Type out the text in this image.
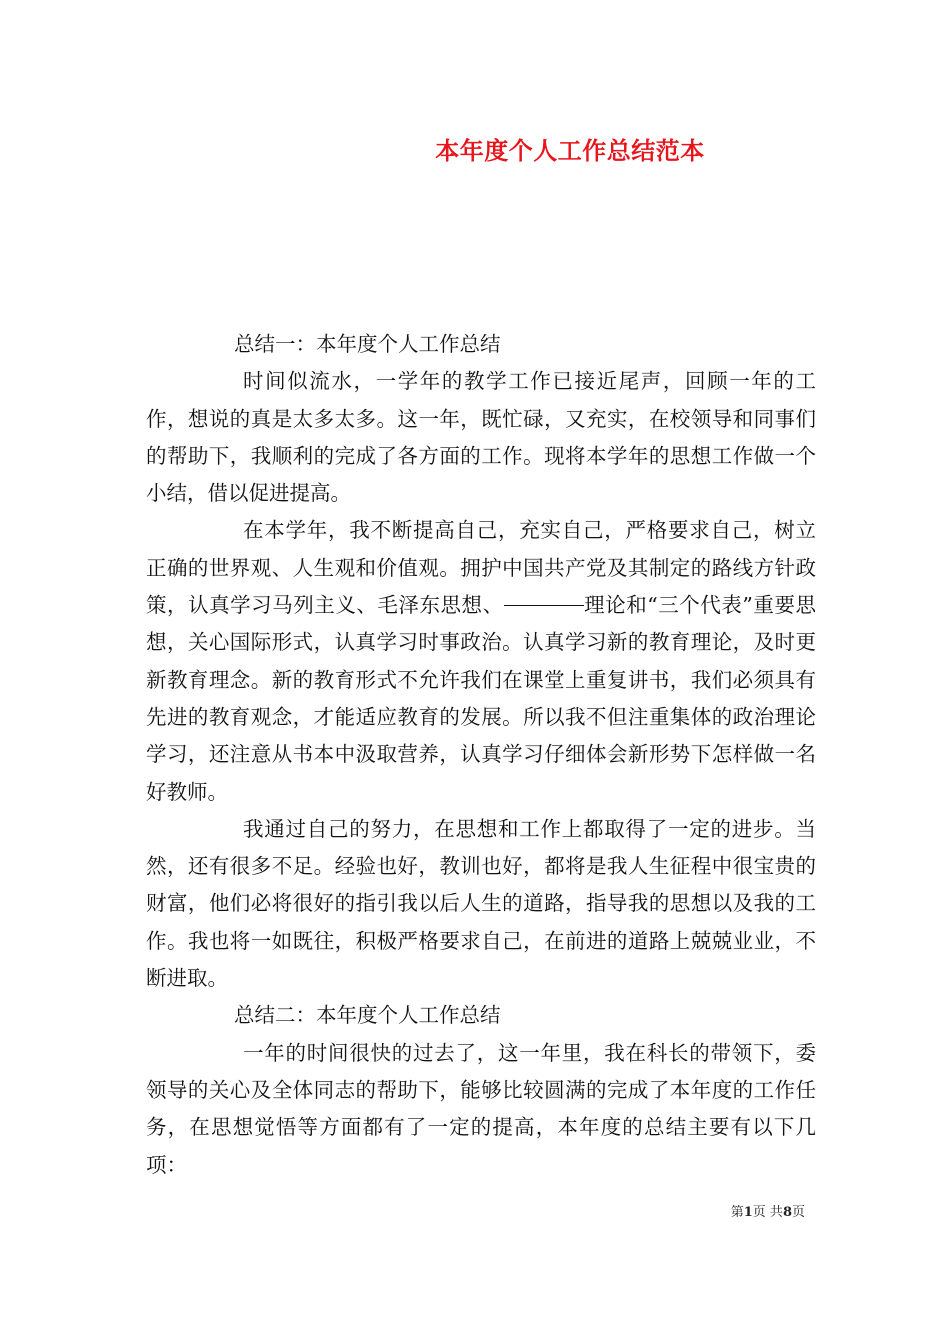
本年度个人工作总结范本

总结一：本年度个人工作总结

时间似流水，一学年的教学工作已接近尾声，回顾一年的工作，想说的真是太多太多。这一年，既忙碌，又充实，在校领导和同事们的帮助下，我顺利的完成了各方面的工作。现将本学年的思想工作做一个小结，借以促进提高。

在本学年，我不断提高自己，充实自己，严格要求自己，树立正确的世界观、人生观和价值观。拥护中国共产党及其制定的路线方针政策，认真学习马列主义、毛泽东思想、	理论和“三个代表”重要思想，关心国际形式，认真学习时事政治。认真学习新的教育理论，及时更新教育理念。新的教育形式不允许我们在课堂上重复讲书，我们必须具有先进的教育观念，才能适应教育的发展。所以我不但注重集体的政治理论学习，还注意从书本中汲取营养，认真学习仔细体会新形势下怎样做一名好教师。

我通过自己的努力，在思想和工作上都取得了一定的进步。当然，还有很多不足。经验也好，教训也好，都将是我人生征程中很宝贵的财富，他们必将很好的指引我以后人生的道路，指导我的思想以及我的工作。我也将一如既往，积极严格要求自己，在前进的道路上兢兢业业，不断进取。

总结二：本年度个人工作总结

一年的时间很快的过去了，这一年里，我在科长的带领下，委领导的关心及全体同志的帮助下，能够比较圆满的完成了本年度的工作任务，在思想觉悟等方面都有了一定的提高，本年度的总结主要有以下几项：

第1页 共8页
